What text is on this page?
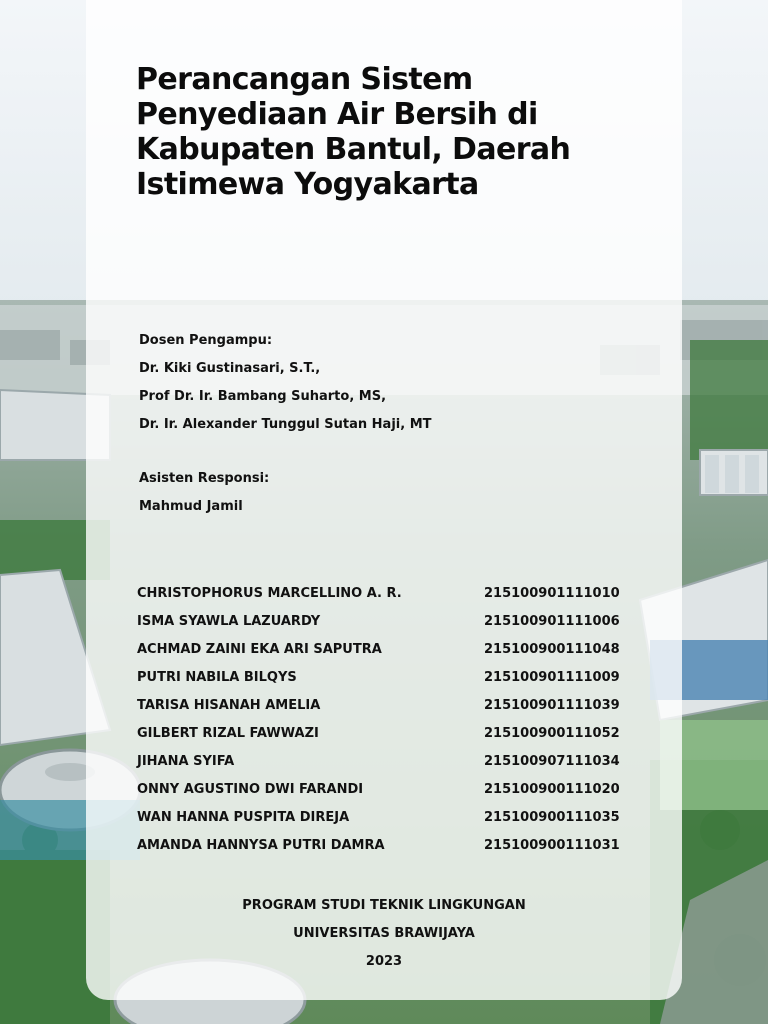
Perancangan Sistem Penyediaan Air Bersih di Kabupaten Bantul, Daerah Istimewa Yogyakarta
Dosen Pengampu:
Dr. Kiki Gustinasari, S.T.,
Prof Dr. Ir. Bambang Suharto, MS,
Dr. Ir. Alexander Tunggul Sutan Haji, MT
Asisten Responsi:
Mahmud Jamil
CHRISTOPHORUS MARCELLINO A. R.	215100901111010
ISMA SYAWLA LAZUARDY	215100901111006
ACHMAD ZAINI EKA ARI SAPUTRA	215100900111048
PUTRI NABILA BILQYS	215100901111009
TARISA HISANAH AMELIA	215100901111039
GILBERT RIZAL FAWWAZI	215100900111052
JIHANA SYIFA	215100907111034
ONNY AGUSTINO DWI FARANDI	215100900111020
WAN HANNA PUSPITA DIREJA	215100900111035
AMANDA HANNYSA PUTRI DAMRA	215100900111031
PROGRAM STUDI TEKNIK LINGKUNGAN
UNIVERSITAS BRAWIJAYA
2023
